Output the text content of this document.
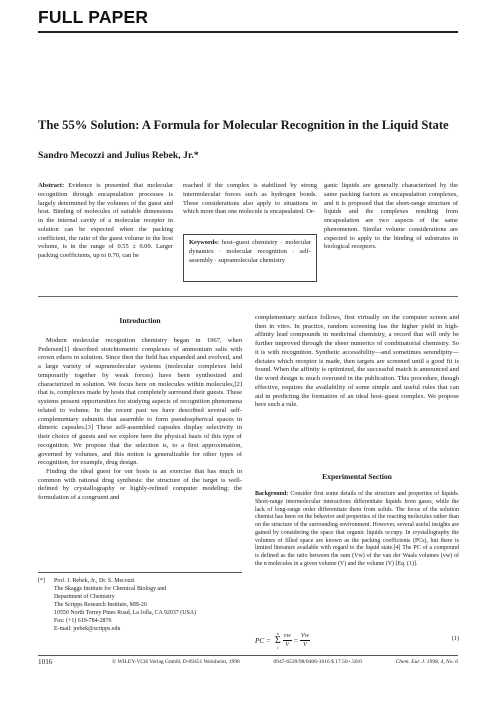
FULL PAPER
The 55% Solution: A Formula for Molecular Recognition in the Liquid State
Sandro Mecozzi and Julius Rebek, Jr.*

Abstract: Evidence is presented that molecular recognition through encapsulation processes is largely determined by the volumes of the guest and host. Binding of molecules of suitable dimensions in the internal cavity of a molecular receptor in solution can be expected when the packing coefficient, the ratio of the guest volume to the host volume, is in the range of 0.55 ± 0.09. Larger packing coefficients, up to 0.70, can be

reached if the complex is stabilized by strong intermolecular forces such as hydrogen bonds. These considerations also apply to situations in which more than one molecule is encapsulated. Or-

Keywords: host–guest chemistry · molecular dynamics · molecular recognition · self-assembly · supramolecular chemistry

ganic liquids are generally characterized by the same packing factors as encapsulation complexes, and it is proposed that the short-range structure of liquids and the complexes resulting from encapsulation are two aspects of the same phenomenon. Similar volume considerations are expected to apply to the binding of substrates in biological receptors.

Introduction

Modern molecular recognition chemistry began in 1967, when Pedersen[1] described stoichiometric complexes of ammonium salts with crown ethers in solution. Since then the field has expanded and evolved, and a large variety of supramolecular systems (molecular complexes held temporarily together by weak forces) have been synthesized and characterized in solution. We focus here on molecules within molecules,[2] that is, complexes made by hosts that completely surround their guests. These systems present opportunities for studying aspects of recognition phenomena related to volume. In the recent past we have described several self-complementary subunits that assemble to form pseudospherical spaces in dimeric capsules.[3] These self-assembled capsules display selectivity in their choice of guests and we explore here the physical basis of this type of recognition. We propose that the selection is, to a first approximation, governed by volumes, and this notion is generalizable for other types of recognition, for example, drug design.

Finding the ideal guest for our hosts is an exercise that has much in common with rational drug synthesis: the structure of the target is well-defined by crystallography or highly-refined computer modeling; the formulation of a congruent and

complementary surface follows, first virtually on the computer screen and then in vitro. In practice, random screening has the higher yield in high-affinity lead compounds in medicinal chemistry, a record that will only be further improved through the sheer numerics of combinatorial chemistry. So it is with recognition. Synthetic accessibility—and sometimes serendipity—dictates which receptor is made, then targets are screened until a good fit is found. When the affinity is optimized, the successful match is announced and the word design is much overused in the publication. This procedure, though effective, requires the availability of some simple and useful rules that can aid in predicting the formation of an ideal host–guest complex. We propose here such a rule.

Experimental Section
Background: Consider first some details of the structure and properties of liquids. Short-range intermolecular interactions differentiate liquids from gases, while the lack of long-range order differentiate them from solids. The focus of the solution chemist has been on the behavior and properties of the reacting molecules rather than on the structure of the surrounding environment. However, several useful insights are gained by considering the space that organic liquids occupy. In crystallography the volumes of filled space are known as the packing coefficients (PCs), but there is limited literature available with regard to the liquid state.[4] The PC of a compound is defined as the ratio between the sum (Vw) of the van der Waals volumes (vw) of the n molecules in a given volume (V) and the volume (V) [Eq. (1)].
PC =
n
Σ
i $\frac{vw}{V} = \frac{Vw}{V}$	(1)
[*] Prof. J. Rebek, Jr., Dr. S. Mecozzi
The Skaggs Institute for Chemical Biology and
Department of Chemistry
The Scripps Research Institute, MB-26
10550 North Torrey Pines Road, La Jolla, CA 92037 (USA)
Fax: (+1) 619-784-2876
E-mail: jrebek@scripps.edu
1016	© WILEY-VCH Verlag GmbH, D-69451 Weinheim, 1998	0947-6539/98/0406-1016 $ 17.50+.50/0	Chem. Eur. J. 1998, 4, No. 6
